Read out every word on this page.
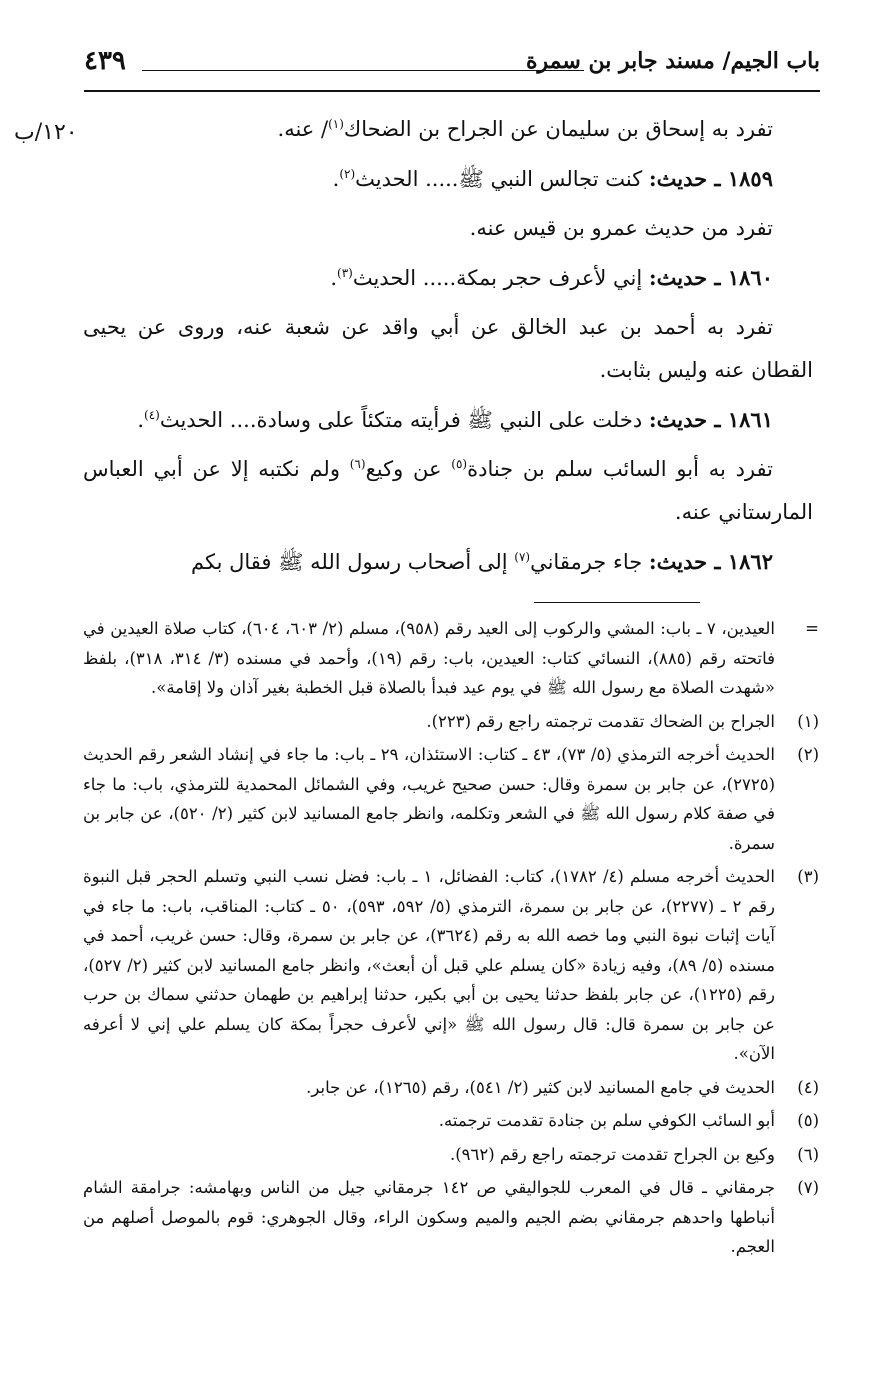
باب الجيم/ مسند جابر بن سمرة
٤٣٩
١٢٠/ب	تفرد به إسحاق بن سليمان عن الجراح بن الضحاك$^{(١)}$/ عنه.

١٨٥٩ ـ حديث: كنت تجالس النبي ﷺ..... الحديث$^{(٢)}$.

تفرد من حديث عمرو بن قيس عنه.

١٨٦٠ ـ حديث: إني لأعرف حجر بمكة..... الحديث$^{(٣)}$.

تفرد به أحمد بن عبد الخالق عن أبي واقد عن شعبة عنه، وروى عن يحيى القطان عنه وليس بثابت.

١٨٦١ ـ حديث: دخلت على النبي ﷺ فرأيته متكئاً على وسادة.... الحديث$^{(٤)}$.

تفرد به أبو السائب سلم بن جنادة$^{(٥)}$ عن وكيع$^{(٦)}$ ولم نكتبه إلا عن أبي العباس المارستاني عنه.

١٨٦٢ ـ حديث: جاء جرمقاني$^{(٧)}$ إلى أصحاب رسول الله ﷺ فقال بكم

=
العيدين، ٧ ـ باب: المشي والركوب إلى العيد رقم (٩٥٨)، مسلم (٢/ ٦٠٣، ٦٠٤)، كتاب صلاة العيدين في فاتحته رقم (٨٨٥)، النسائي كتاب: العيدين، باب: رقم (١٩)، وأحمد في مسنده (٣/ ٣١٤، ٣١٨)، بلفظ «شهدت الصلاة مع رسول الله ﷺ في يوم عيد فبدأ بالصلاة قبل الخطبة بغير آذان ولا إقامة».
(١)
الجراح بن الضحاك تقدمت ترجمته راجع رقم (٢٢٣).
(٢)
الحديث أخرجه الترمذي (٥/ ٧٣)، ٤٣ ـ كتاب: الاستئذان، ٢٩ ـ باب: ما جاء في إنشاد الشعر رقم الحديث (٢٧٢٥)، عن جابر بن سمرة وقال: حسن صحيح غريب، وفي الشمائل المحمدية للترمذي، باب: ما جاء في صفة كلام رسول الله ﷺ في الشعر وتكلمه، وانظر جامع المسانيد لابن كثير (٢/ ٥٢٠)، عن جابر بن سمرة.
(٣)
الحديث أخرجه مسلم (٤/ ١٧٨٢)، كتاب: الفضائل، ١ ـ باب: فضل نسب النبي وتسلم الحجر قبل النبوة رقم ٢ ـ (٢٢٧٧)، عن جابر بن سمرة، الترمذي (٥/ ٥٩٢، ٥٩٣)، ٥٠ ـ كتاب: المناقب، باب: ما جاء في آيات إثبات نبوة النبي وما خصه الله به رقم (٣٦٢٤)، عن جابر بن سمرة، وقال: حسن غريب، أحمد في مسنده (٥/ ٨٩)، وفيه زيادة «كان يسلم علي قبل أن أبعث»، وانظر جامع المسانيد لابن كثير (٢/ ٥٢٧)، رقم (١٢٢٥)، عن جابر بلفظ حدثنا يحيى بن أبي بكير، حدثنا إبراهيم بن طهمان حدثني سماك بن حرب عن جابر بن سمرة قال: قال رسول الله ﷺ «إني لأعرف حجراً بمكة كان يسلم علي إني لا أعرفه الآن».
(٤)
الحديث في جامع المسانيد لابن كثير (٢/ ٥٤١)، رقم (١٢٦٥)، عن جابر.
(٥)
أبو السائب الكوفي سلم بن جنادة تقدمت ترجمته.
(٦)
وكيع بن الجراح تقدمت ترجمته راجع رقم (٩٦٢).
(٧)
جرمقاني ـ قال في المعرب للجواليقي ص ١٤٢ جرمقاني جيل من الناس وبهامشه: جرامقة الشام أنباطها واحدهم جرمقاني بضم الجيم والميم وسكون الراء، وقال الجوهري: قوم بالموصل أصلهم من العجم.
